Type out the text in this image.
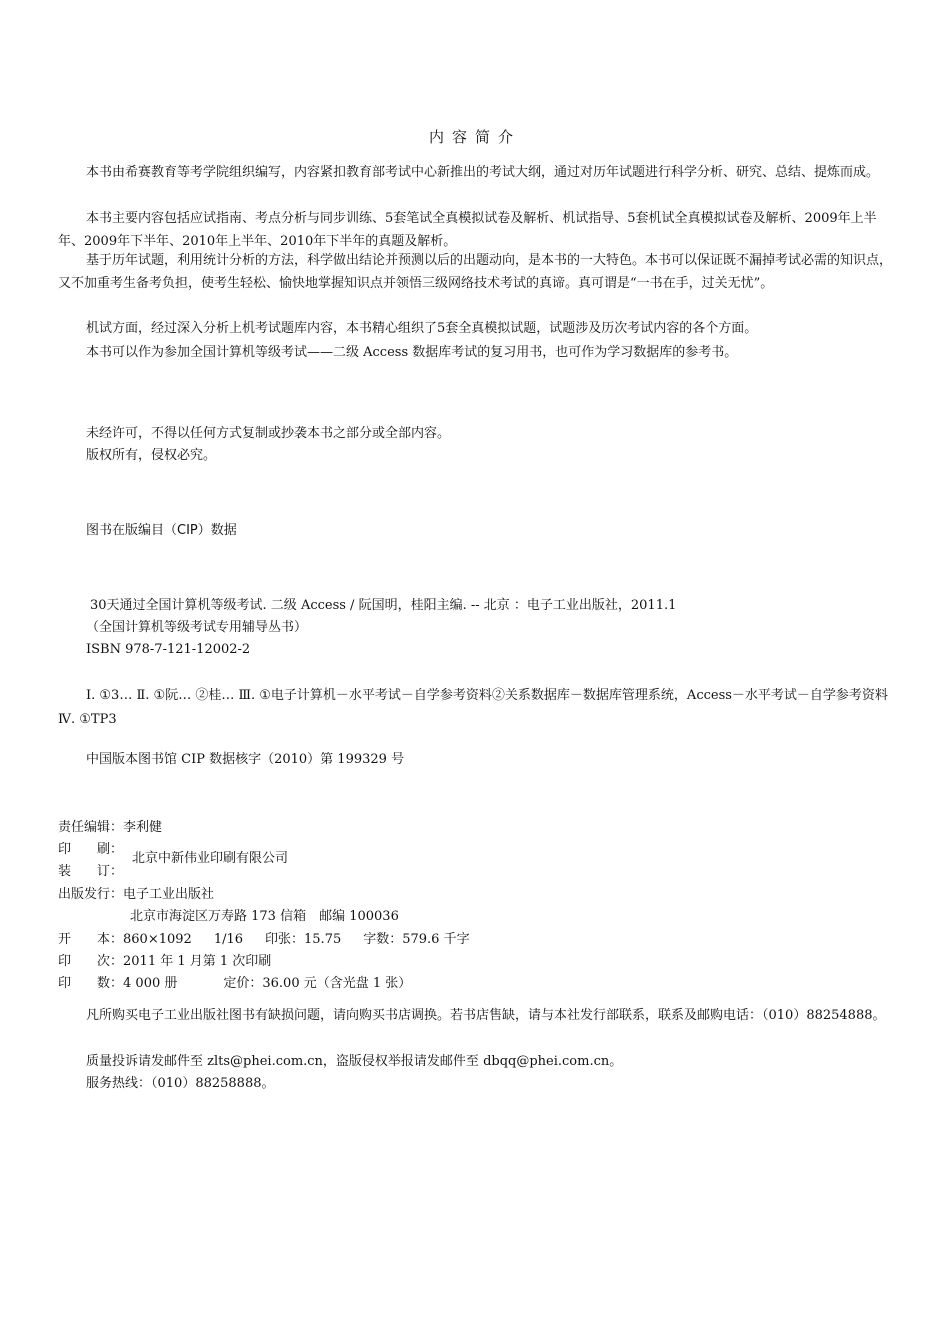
内容简介

本书由希赛教育等考学院组织编写，内容紧扣教育部考试中心新推出的考试大纲，通过对历年试题进行科学分析、研究、总结、提炼而成。

本书主要内容包括应试指南、考点分析与同步训练、5套笔试全真模拟试卷及解析、机试指导、5套机试全真模拟试卷及解析、2009年上半年、2009年下半年、2010年上半年、2010年下半年的真题及解析。

基于历年试题，利用统计分析的方法，科学做出结论并预测以后的出题动向，是本书的一大特色。本书可以保证既不漏掉考试必需的知识点，又不加重考生备考负担，使考生轻松、愉快地掌握知识点并领悟三级网络技术考试的真谛。真可谓是“一书在手，过关无忧”。

机试方面，经过深入分析上机考试题库内容，本书精心组织了5套全真模拟试题，试题涉及历次考试内容的各个方面。

本书可以作为参加全国计算机等级考试——二级 Access 数据库考试的复习用书，也可作为学习数据库的参考书。

未经许可，不得以任何方式复制或抄袭本书之部分或全部内容。

版权所有，侵权必究。

图书在版编目（CIP）数据

30天通过全国计算机等级考试. 二级 Access / 阮国明，桂阳主编. -- 北京 ：电子工业出版社，2011.1

（全国计算机等级考试专用辅导丛书）

ISBN 978-7-121-12002-2

Ⅰ. ①3… Ⅱ. ①阮… ②桂… Ⅲ. ①电子计算机－水平考试－自学参考资料②关系数据库－数据库管理系统，Access－水平考试－自学参考资料 Ⅳ. ①TP3

中国版本图书馆 CIP 数据核字（2010）第 199329 号

责任编辑：李利健
印　　刷：
北京中新伟业印刷有限公司
装　　订：
出版发行：电子工业出版社
北京市海淀区万寿路 173 信箱　邮编 100036
开　　本：860×1092 1/16 印张：15.75 字数：579.6 千字
印　　次：2011 年 1 月第 1 次印刷
印　　数：4 000 册	定价：36.00 元（含光盘 1 张）

凡所购买电子工业出版社图书有缺损问题，请向购买书店调换。若书店售缺，请与本社发行部联系，联系及邮购电话：（010）88254888。

质量投诉请发邮件至 zlts@phei.com.cn，盗版侵权举报请发邮件至 dbqq@phei.com.cn。

服务热线：（010）88258888。
